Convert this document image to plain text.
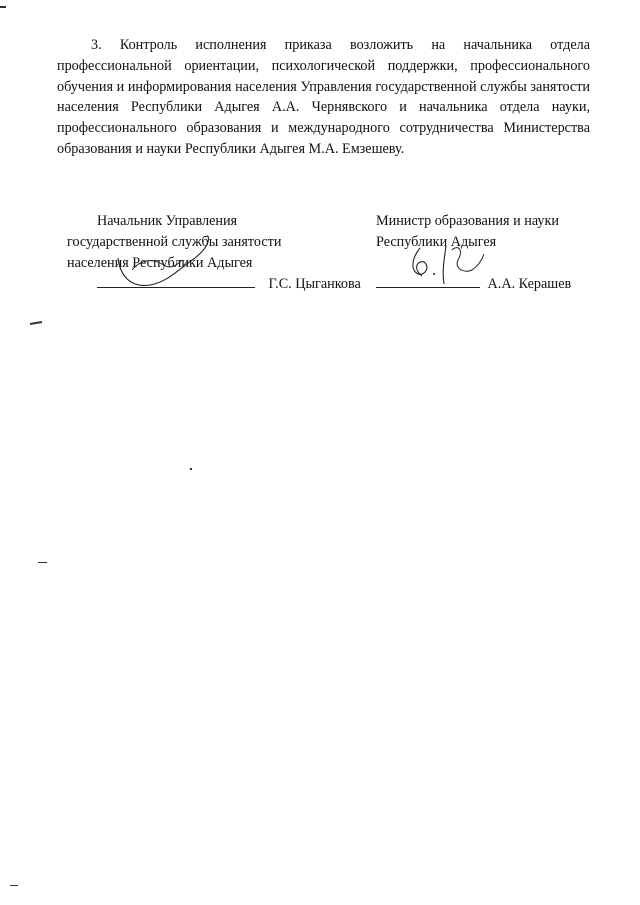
3. Контроль исполнения приказа возложить на начальника отдела профессиональной ориентации, психологической поддержки, профессионального обучения и информирования населения Управления государственной службы занятости населения Республики Адыгея А.А. Чернявского и начальника отдела науки, профессионального образования и международного сотрудничества Министерства образования и науки Республики Адыгея М.А. Емзешеву.
Начальник Управления
государственной службы занятости
населения Республики Адыгея
Г.С. Цыганкова
Министр образования и науки
Республики Адыгея
А.А. Керашев
